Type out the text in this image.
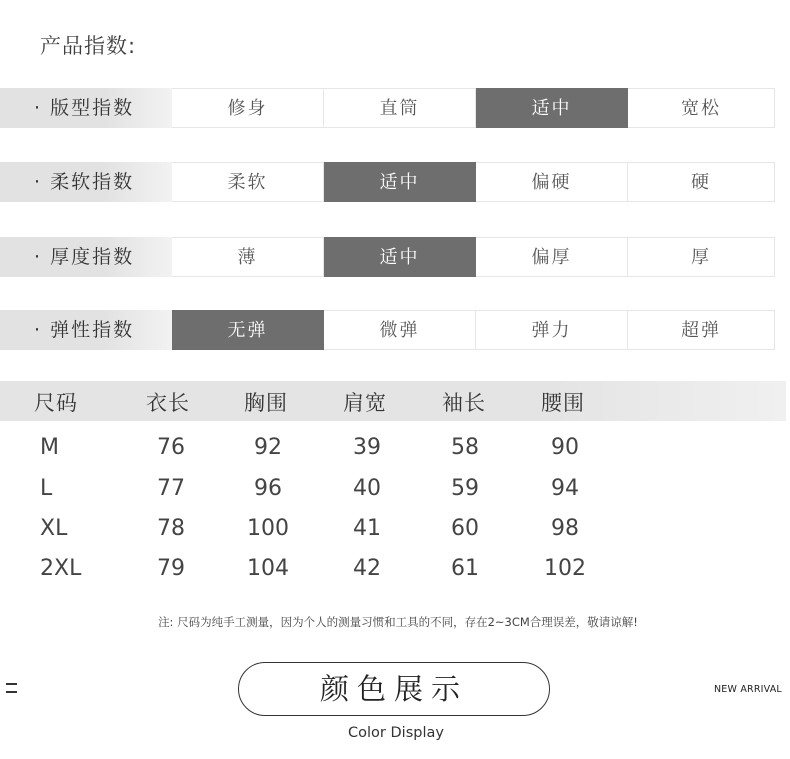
产品指数:
· 版型指数	修身	直筒	适中	宽松
· 柔软指数	柔软	适中	偏硬	硬
· 厚度指数	薄	适中	偏厚	厚
· 弹性指数	无弹	微弹	弹力	超弹
尺码	衣长	胸围	肩宽	袖长	腰围
M	76	92	39	58	90
L	77	96	40	59	94
XL	78	100	41	60	98
2XL	79	104	42	61	102
注: 尺码为纯手工测量，因为个人的测量习惯和工具的不同，存在2~3CM合理误差，敬请谅解!
颜色展示
Color Display
NEW ARRIVAL
